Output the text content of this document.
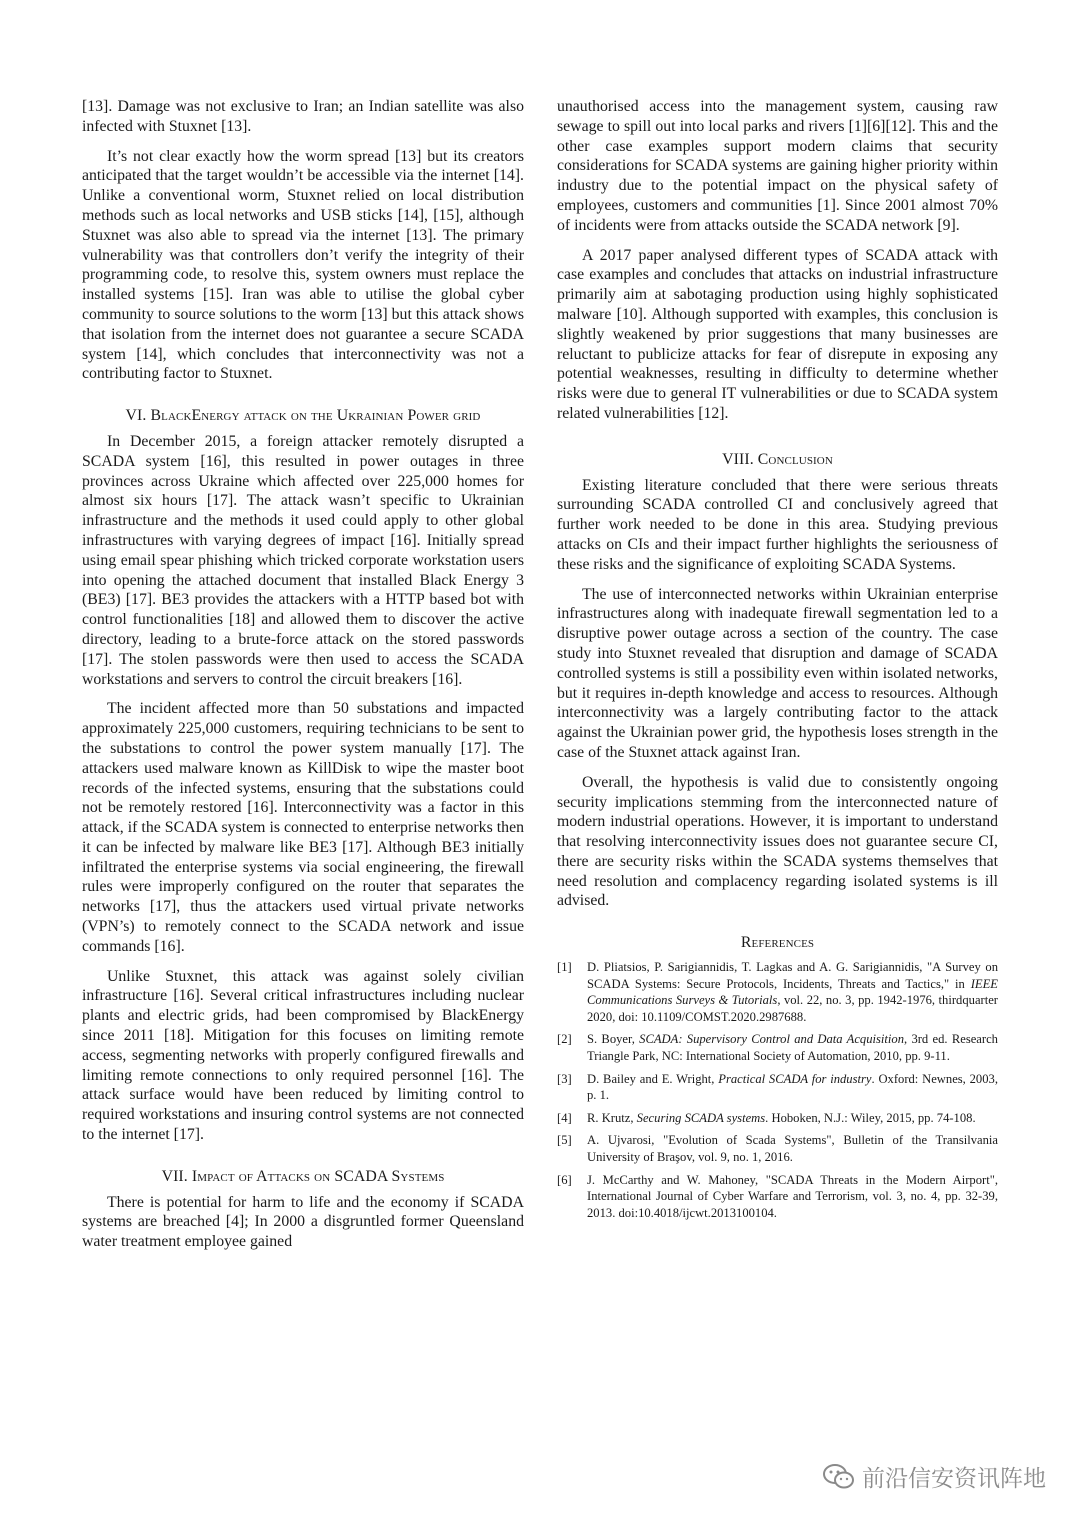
[13]. Damage was not exclusive to Iran; an Indian satellite was also infected with Stuxnet [13].

It’s not clear exactly how the worm spread [13] but its creators anticipated that the target wouldn’t be accessible via the internet [14]. Unlike a conventional worm, Stuxnet relied on local distribution methods such as local networks and USB sticks [14], [15], although Stuxnet was also able to spread via the internet [13]. The primary vulnerability was that controllers don’t verify the integrity of their programming code, to resolve this, system owners must replace the installed systems [15]. Iran was able to utilise the global cyber community to source solutions to the worm [13] but this attack shows that isolation from the internet does not guarantee a secure SCADA system [14], which concludes that interconnectivity was not a contributing factor to Stuxnet.

VI. BlackEnergy attack on the Ukrainian Power grid

In December 2015, a foreign attacker remotely disrupted a SCADA system [16], this resulted in power outages in three provinces across Ukraine which affected over 225,000 homes for almost six hours [17]. The attack wasn’t specific to Ukrainian infrastructure and the methods it used could apply to other global infrastructures with varying degrees of impact [16]. Initially spread using email spear phishing which tricked corporate workstation users into opening the attached document that installed Black Energy 3 (BE3) [17]. BE3 provides the attackers with a HTTP based bot with control functionalities [18] and allowed them to discover the active directory, leading to a brute-force attack on the stored passwords [17]. The stolen passwords were then used to access the SCADA workstations and servers to control the circuit breakers [16].

The incident affected more than 50 substations and impacted approximately 225,000 customers, requiring technicians to be sent to the substations to control the power system manually [17]. The attackers used malware known as KillDisk to wipe the master boot records of the infected systems, ensuring that the substations could not be remotely restored [16]. Interconnectivity was a factor in this attack, if the SCADA system is connected to enterprise networks then it can be infected by malware like BE3 [17]. Although BE3 initially infiltrated the enterprise systems via social engineering, the firewall rules were improperly configured on the router that separates the networks [17], thus the attackers used virtual private networks (VPN’s) to remotely connect to the SCADA network and issue commands [16].

Unlike Stuxnet, this attack was against solely civilian infrastructure [16]. Several critical infrastructures including nuclear plants and electric grids, had been compromised by BlackEnergy since 2011 [18]. Mitigation for this focuses on limiting remote access, segmenting networks with properly configured firewalls and limiting remote connections to only required personnel [16]. The attack surface would have been reduced by limiting control to required workstations and insuring control systems are not connected to the internet [17].

VII. Impact of Attacks on SCADA Systems

There is potential for harm to life and the economy if SCADA systems are breached [4]; In 2000 a disgruntled former Queensland water treatment employee gained

unauthorised access into the management system, causing raw sewage to spill out into local parks and rivers [1][6][12]. This and the other case examples support modern claims that security considerations for SCADA systems are gaining higher priority within industry due to the potential impact on the physical safety of employees, customers and communities [1]. Since 2001 almost 70% of incidents were from attacks outside the SCADA network [9].

A 2017 paper analysed different types of SCADA attack with case examples and concludes that attacks on industrial infrastructure primarily aim at sabotaging production using highly sophisticated malware [10]. Although supported with examples, this conclusion is slightly weakened by prior suggestions that many businesses are reluctant to publicize attacks for fear of disrepute in exposing any potential weaknesses, resulting in difficulty to determine whether risks were due to general IT vulnerabilities or due to SCADA system related vulnerabilities [12].

VIII. Conclusion

Existing literature concluded that there were serious threats surrounding SCADA controlled CI and conclusively agreed that further work needed to be done in this area. Studying previous attacks on CIs and their impact further highlights the seriousness of these risks and the significance of exploiting SCADA Systems.

The use of interconnected networks within Ukrainian enterprise infrastructures along with inadequate firewall segmentation led to a disruptive power outage across a section of the country. The case study into Stuxnet revealed that disruption and damage of SCADA controlled systems is still a possibility even within isolated networks, but it requires in-depth knowledge and access to resources. Although interconnectivity was a largely contributing factor to the attack against the Ukrainian power grid, the hypothesis loses strength in the case of the Stuxnet attack against Iran.

Overall, the hypothesis is valid due to consistently ongoing security implications stemming from the interconnected nature of modern industrial operations. However, it is important to understand that resolving interconnectivity issues does not guarantee secure CI, there are security risks within the SCADA systems themselves that need resolution and complacency regarding isolated systems is ill advised.

References
[1]	D. Pliatsios, P. Sarigiannidis, T. Lagkas and A. G. Sarigiannidis, "A Survey on SCADA Systems: Secure Protocols, Incidents, Threats and Tactics," in IEEE Communications Surveys & Tutorials, vol. 22, no. 3, pp. 1942-1976, thirdquarter 2020, doi: 10.1109/COMST.2020.2987688.
[2]	S. Boyer, SCADA: Supervisory Control and Data Acquisition, 3rd ed. Research Triangle Park, NC: International Society of Automation, 2010, pp. 9-11.
[3]	D. Bailey and E. Wright, Practical SCADA for industry. Oxford: Newnes, 2003, p. 1.
[4]	R. Krutz, Securing SCADA systems. Hoboken, N.J.: Wiley, 2015, pp. 74-108.
[5]	A. Ujvarosi, "Evolution of Scada Systems", Bulletin of the Transilvania University of Braşov, vol. 9, no. 1, 2016.
[6]	J. McCarthy and W. Mahoney, "SCADA Threats in the Modern Airport", International Journal of Cyber Warfare and Terrorism, vol. 3, no. 4, pp. 32-39, 2013. doi:10.4018/ijcwt.2013100104.
前沿信安资讯阵地
